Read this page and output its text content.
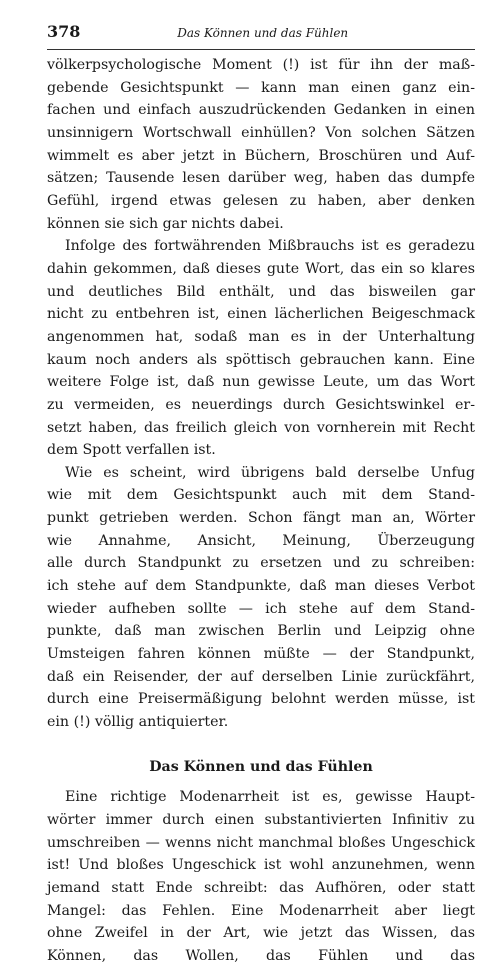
378	Das Können und das Fühlen
völkerpsychologische Moment (!) ist für ihn der maß-
gebende Gesichtspunkt — kann man einen ganz ein-
fachen und einfach auszudrückenden Gedanken in einen
unsinnigern Wortschwall einhüllen? Von solchen Sätzen
wimmelt es aber jetzt in Büchern, Broschüren und Auf-
sätzen; Tausende lesen darüber weg, haben das dumpfe
Gefühl, irgend etwas gelesen zu haben, aber denken
können sie sich gar nichts dabei.
Infolge des fortwährenden Mißbrauchs ist es geradezu
dahin gekommen, daß dieses gute Wort, das ein so klares
und deutliches Bild enthält, und das bisweilen gar
nicht zu entbehren ist, einen lächerlichen Beigeschmack
angenommen hat, sodaß man es in der Unterhaltung
kaum noch anders als spöttisch gebrauchen kann. Eine
weitere Folge ist, daß nun gewisse Leute, um das Wort
zu vermeiden, es neuerdings durch Gesichtswinkel er-
setzt haben, das freilich gleich von vornherein mit Recht
dem Spott verfallen ist.
Wie es scheint, wird übrigens bald derselbe Unfug
wie mit dem Gesichtspunkt auch mit dem Stand-
punkt getrieben werden. Schon fängt man an, Wörter
wie Annahme, Ansicht, Meinung, Überzeugung
alle durch Standpunkt zu ersetzen und zu schreiben:
ich stehe auf dem Standpunkte, daß man dieses Verbot
wieder aufheben sollte — ich stehe auf dem Stand-
punkte, daß man zwischen Berlin und Leipzig ohne
Umsteigen fahren können müßte — der Standpunkt,
daß ein Reisender, der auf derselben Linie zurückfährt,
durch eine Preisermäßigung belohnt werden müsse, ist
ein (!) völlig antiquierter.
Das Können und das Fühlen
Eine richtige Modenarrheit ist es, gewisse Haupt-
wörter immer durch einen substantivierten Infinitiv zu
umschreiben — wenns nicht manchmal bloßes Ungeschick
ist! Und bloßes Ungeschick ist wohl anzunehmen, wenn
jemand statt Ende schreibt: das Aufhören, oder statt
Mangel: das Fehlen. Eine Modenarrheit aber liegt
ohne Zweifel in der Art, wie jetzt das Wissen, das
Können, das Wollen, das Fühlen und das
